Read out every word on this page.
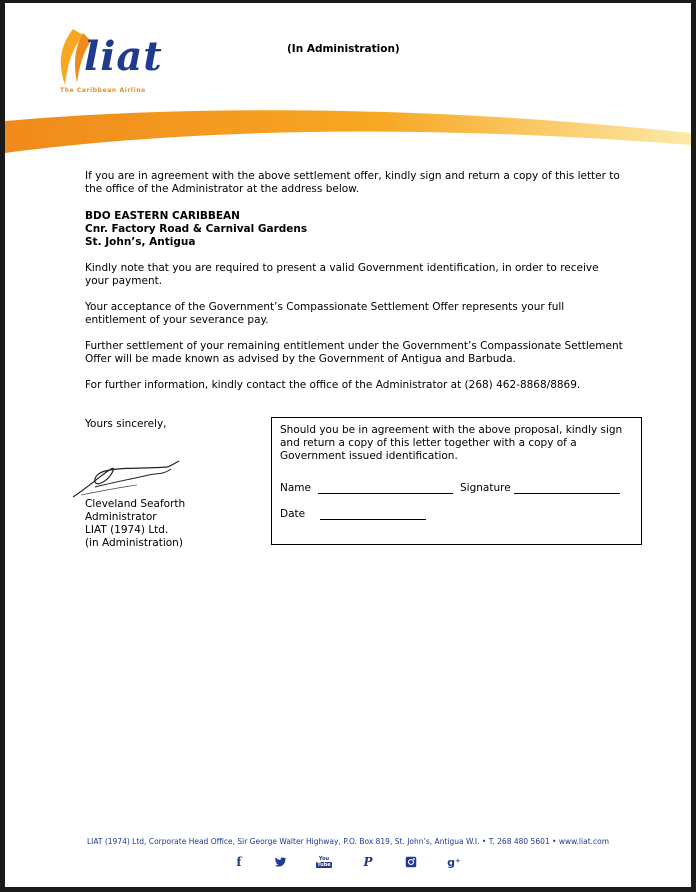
liat
The Caribbean Airline
(In Administration)
If you are in agreement with the above settlement offer, kindly sign and return a copy of this letter to the office of the Administrator at the address below.
BDO EASTERN CARIBBEAN
Cnr. Factory Road & Carnival Gardens
St. John’s, Antigua
Kindly note that you are required to present a valid Government identification, in order to receive your payment.
Your acceptance of the Government’s Compassionate Settlement Offer represents your full entitlement of your severance pay.
Further settlement of your remaining entitlement under the Government’s Compassionate Settlement Offer will be made known as advised by the Government of Antigua and Barbuda.
For further information, kindly contact the office of the Administrator at (268) 462-8868/8869.
Yours sincerely,
Cleveland Seaforth
Administrator
LIAT (1974) Ltd.
(in Administration)
Should you be in agreement with the above proposal, kindly sign and return a copy of this letter together with a copy of a Government issued identification.
Name	Signature
Date
LIAT (1974) Ltd, Corporate Head Office, Sir George Walter Highway, P.O. Box 819, St. John’s, Antigua W.I. • T. 268 480 5601 • www.liat.com
f	You
Tube	P	g⁺
